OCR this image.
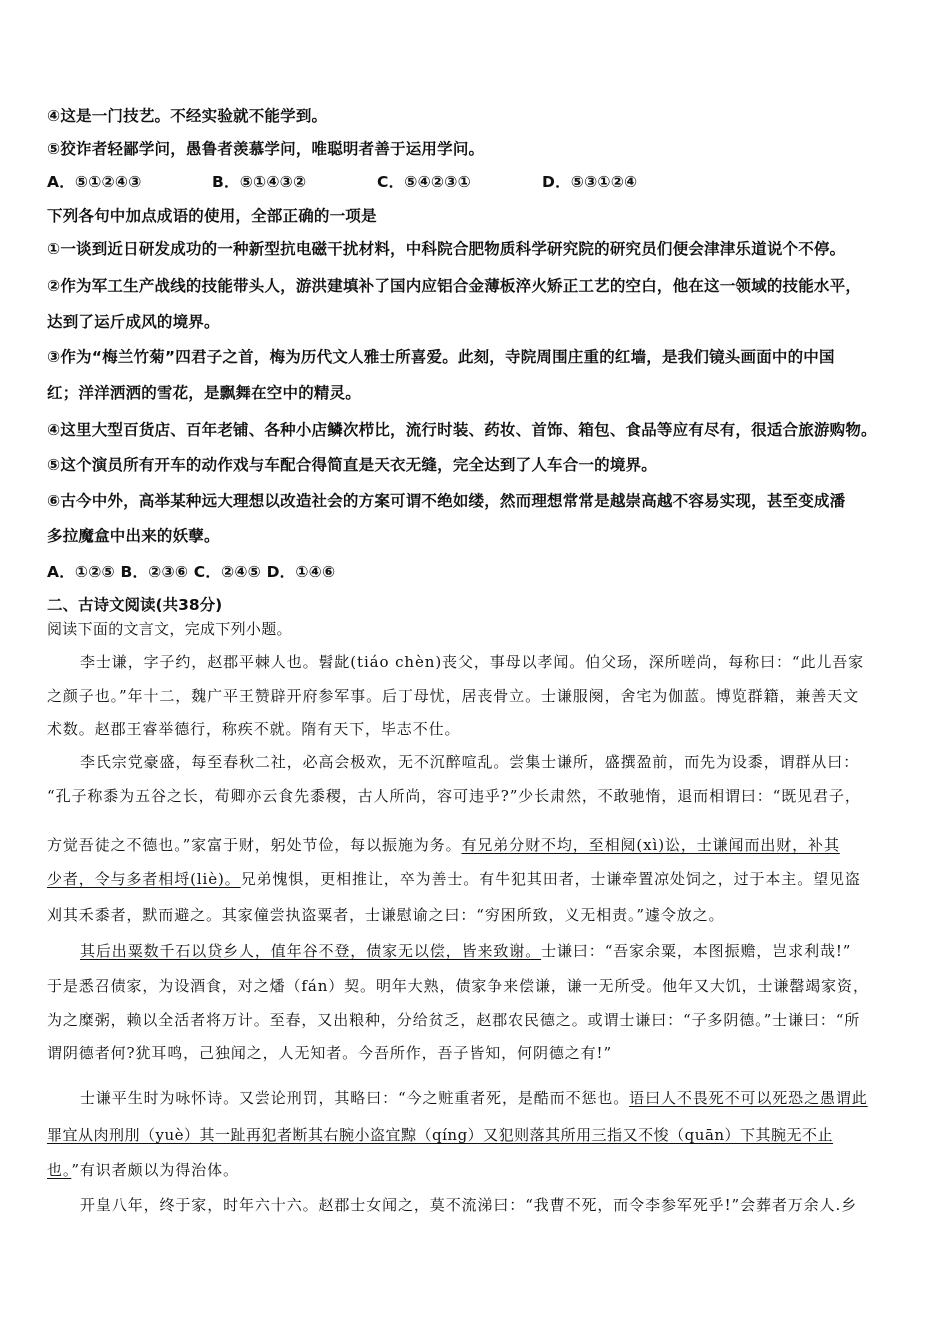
④这是一门技艺。不经实验就不能学到。
⑤狡诈者轻鄙学问，愚鲁者羡慕学问，唯聪明者善于运用学问。
A．⑤①②④③	B．⑤①④③②	C．⑤④②③①	D．⑤③①②④
下列各句中加点成语的使用，全部正确的一项是
①一谈到近日研发成功的一种新型抗电磁干扰材料，中科院合肥物质科学研究院的研究员们便会津津乐道说个不停。
②作为军工生产战线的技能带头人，游洪建填补了国内应铝合金薄板淬火矫正工艺的空白，他在这一领域的技能水平，
达到了运斤成风的境界。
③作为“梅兰竹菊”四君子之首，梅为历代文人雅士所喜爱。此刻，寺院周围庄重的红墙，是我们镜头画面中的中国
红；洋洋洒洒的雪花，是飘舞在空中的精灵。
④这里大型百货店、百年老铺、各种小店鳞次栉比，流行时装、药妆、首饰、箱包、食品等应有尽有，很适合旅游购物。
⑤这个演员所有开车的动作戏与车配合得简直是天衣无缝，完全达到了人车合一的境界。
⑥古今中外，高举某种远大理想以改造社会的方案可谓不绝如缕，然而理想常常是越崇高越不容易实现，甚至变成潘
多拉魔盒中出来的妖孽。
A．①②⑤ B．②③⑥ C．②④⑤ D．①④⑥
二、古诗文阅读(共38分)
阅读下面的文言文，完成下列小题。
李士谦，字子约，赵郡平棘人也。髫龀(tiáo chèn)丧父，事母以孝闻。伯父玚，深所嗟尚，每称曰：“此儿吾家
之颜子也。”年十二，魏广平王赞辟开府参军事。后丁母忧，居丧骨立。士谦服阕，舍宅为伽蓝。博览群籍，兼善天文
术数。赵郡王睿举德行，称疾不就。隋有天下，毕志不仕。
李氏宗党豪盛，每至春秋二社，必高会极欢，无不沉醉喧乱。尝集士谦所，盛撰盈前，而先为设黍，谓群从曰：
“孔子称黍为五谷之长，荀卿亦云食先黍稷，古人所尚，容可违乎?”少长肃然，不敢驰惰，退而相谓曰：“既见君子，
方觉吾徒之不德也。”家富于财，躬处节俭，每以振施为务。有兄弟分财不均，至相阋(xì)讼，士谦闻而出财，补其
少者，令与多者相埒(liè)。兄弟愧惧，更相推让，卒为善士。有牛犯其田者，士谦牵置凉处饲之，过于本主。望见盗
刈其禾黍者，默而避之。其家僮尝执盗粟者，士谦慰谕之曰：“穷困所致，义无相责。”遽令放之。
其后出粟数千石以贷乡人，值年谷不登，债家无以偿，皆来致谢。士谦曰：“吾家余粟，本图振赡，岂求利哉!”
于是悉召债家，为设酒食，对之燔（fán）契。明年大熟，债家争来偿谦，谦一无所受。他年又大饥，士谦罄竭家资，
为之糜粥，赖以全活者将万计。至春，又出粮种，分给贫乏，赵郡农民德之。或谓士谦曰：“子多阴德。”士谦曰：“所
谓阴德者何?犹耳鸣，己独闻之，人无知者。今吾所作，吾子皆知，何阴德之有!”
士谦平生时为咏怀诗。又尝论刑罚，其略曰：“今之赃重者死，是酷而不惩也。语曰人不畏死不可以死恐之愚谓此
罪宜从肉刑刖（yuè）其一趾再犯者断其右腕小盗宜黥（qíng）又犯则落其所用三指又不悛（quān）下其腕无不止
也。”有识者颇以为得治体。
开皇八年，终于家，时年六十六。赵郡士女闻之，莫不流涕曰：“我曹不死，而令李参军死乎!”会葬者万余人.乡
